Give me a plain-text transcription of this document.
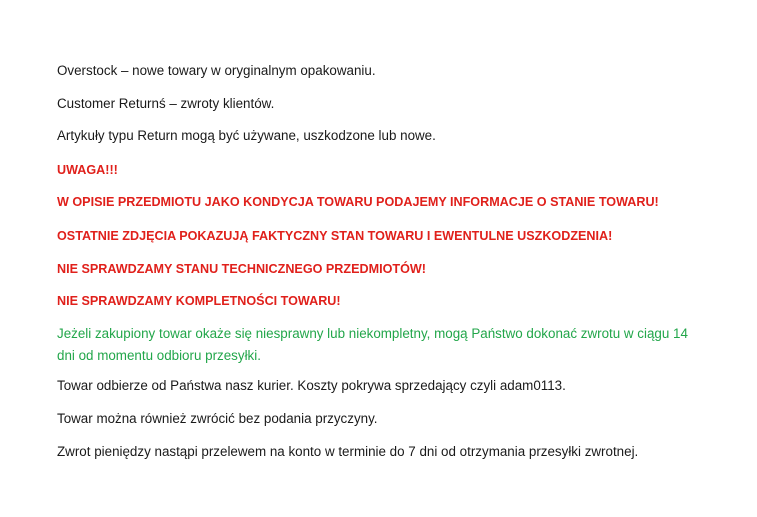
Overstock – nowe towary w oryginalnym opakowaniu.
Customer Returnś – zwroty klientów.
Artykuły typu Return mogą być używane, uszkodzone lub nowe.
UWAGA!!!
W OPISIE PRZEDMIOTU JAKO KONDYCJA TOWARU PODAJEMY INFORMACJE O STANIE TOWARU!
OSTATNIE ZDJĘCIA POKAZUJĄ FAKTYCZNY STAN TOWARU I EWENTULNE USZKODZENIA!
NIE SPRAWDZAMY STANU TECHNICZNEGO PRZEDMIOTÓW!
NIE SPRAWDZAMY KOMPLETNOŚCI TOWARU!
Jeżeli zakupiony towar okaże się niesprawny lub niekompletny, mogą Państwo dokonać zwrotu w ciągu 14 dni od momentu odbioru przesyłki.
Towar odbierze od Państwa nasz kurier. Koszty pokrywa sprzedający czyli adam0113.
Towar można również zwrócić bez podania przyczyny.
Zwrot pieniędzy nastąpi przelewem na konto w terminie do 7 dni od otrzymania przesyłki zwrotnej.
